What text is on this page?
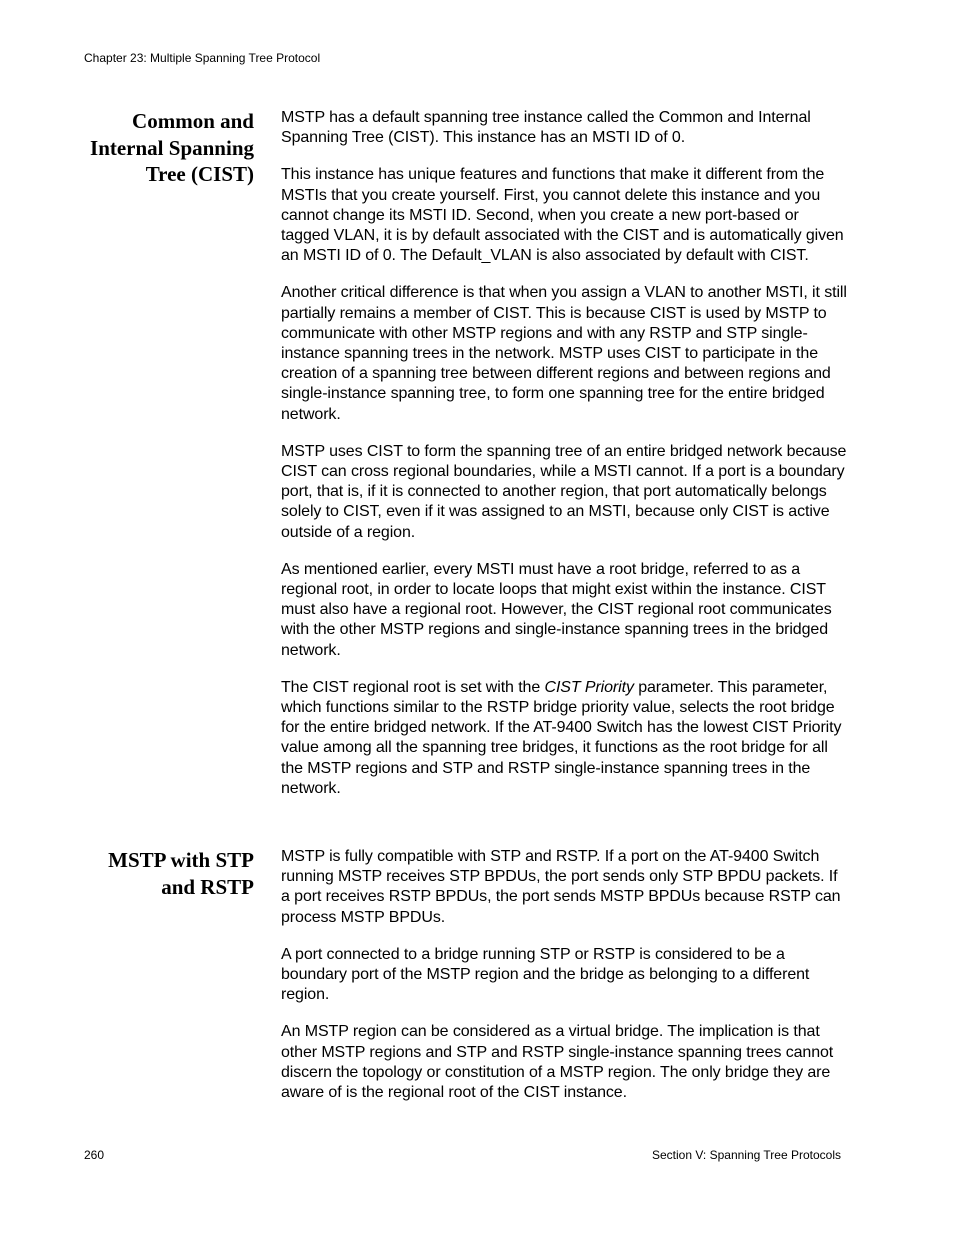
Chapter 23: Multiple Spanning Tree Protocol
Common and Internal Spanning Tree (CIST)

MSTP has a default spanning tree instance called the Common and Internal Spanning Tree (CIST). This instance has an MSTI ID of 0.

This instance has unique features and functions that make it different from the MSTIs that you create yourself. First, you cannot delete this instance and you cannot change its MSTI ID. Second, when you create a new port-based or tagged VLAN, it is by default associated with the CIST and is automatically given an MSTI ID of 0. The Default_VLAN is also associated by default with CIST.

Another critical difference is that when you assign a VLAN to another MSTI, it still partially remains a member of CIST. This is because CIST is used by MSTP to communicate with other MSTP regions and with any RSTP and STP single-instance spanning trees in the network. MSTP uses CIST to participate in the creation of a spanning tree between different regions and between regions and single-instance spanning tree, to form one spanning tree for the entire bridged network.

MSTP uses CIST to form the spanning tree of an entire bridged network because CIST can cross regional boundaries, while a MSTI cannot. If a port is a boundary port, that is, if it is connected to another region, that port automatically belongs solely to CIST, even if it was assigned to an MSTI, because only CIST is active outside of a region.

As mentioned earlier, every MSTI must have a root bridge, referred to as a regional root, in order to locate loops that might exist within the instance. CIST must also have a regional root. However, the CIST regional root communicates with the other MSTP regions and single-instance spanning trees in the bridged network.

The CIST regional root is set with the CIST Priority parameter. This parameter, which functions similar to the RSTP bridge priority value, selects the root bridge for the entire bridged network. If the AT-9400 Switch has the lowest CIST Priority value among all the spanning tree bridges, it functions as the root bridge for all the MSTP regions and STP and RSTP single-instance spanning trees in the network.

MSTP with STP and RSTP

MSTP is fully compatible with STP and RSTP. If a port on the AT-9400 Switch running MSTP receives STP BPDUs, the port sends only STP BPDU packets. If a port receives RSTP BPDUs, the port sends MSTP BPDUs because RSTP can process MSTP BPDUs.

A port connected to a bridge running STP or RSTP is considered to be a boundary port of the MSTP region and the bridge as belonging to a different region.

An MSTP region can be considered as a virtual bridge. The implication is that other MSTP regions and STP and RSTP single-instance spanning trees cannot discern the topology or constitution of a MSTP region. The only bridge they are aware of is the regional root of the CIST instance.

260	Section V: Spanning Tree Protocols
